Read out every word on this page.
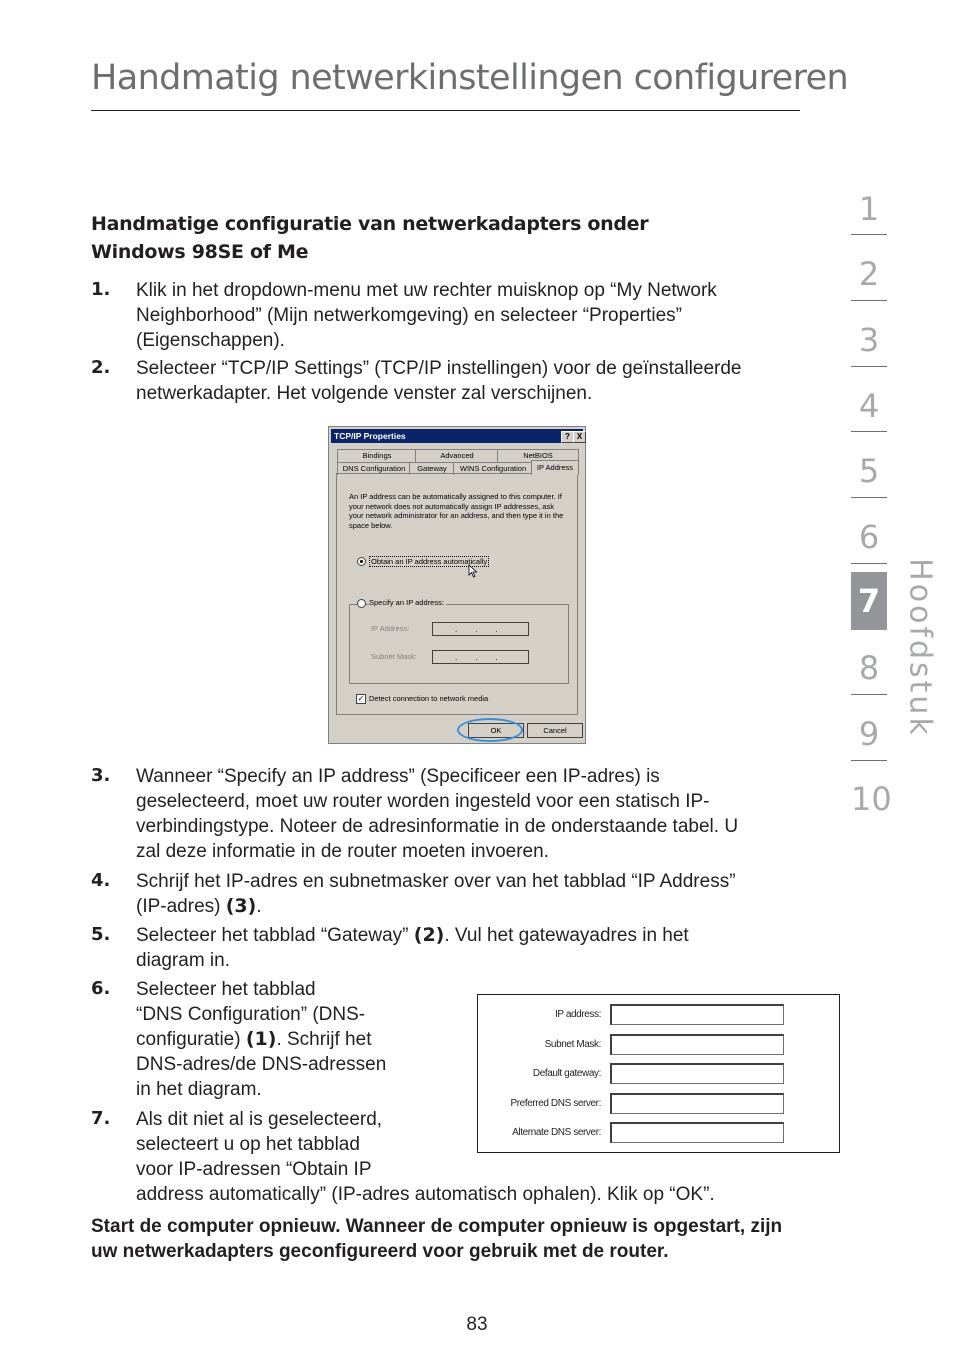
Handmatig netwerkinstellingen configureren
Handmatige configuratie van netwerkadapters onder
Windows 98SE of Me
1. Klik in het dropdown-menu met uw rechter muisknop op “My Network
Neighborhood” (Mijn netwerkomgeving) en selecteer “Properties”
(Eigenschappen).
2. Selecteer “TCP/IP Settings” (TCP/IP instellingen) voor de geïnstalleerde
netwerkadapter. Het volgende venster zal verschijnen.
TCP/IP Properties	? X
Bindings	Advanced	NetBIOS
DNS Configuration	Gateway	WINS Configuration	IP Address
An IP address can be automatically assigned to this computer. If your network does not automatically assign IP addresses, ask your network administrator for an address, and then type it in the space below.
Obtain an IP address automatically
Specify an IP address:
IP Address:	...
Subnet Mask:	...
✓ Detect connection to network media
OK	Cancel
3. Wanneer “Specify an IP address” (Specificeer een IP-adres) is
geselecteerd, moet uw router worden ingesteld voor een statisch IP-
verbindingstype. Noteer de adresinformatie in de onderstaande tabel. U
zal deze informatie in de router moeten invoeren.
4. Schrijf het IP-adres en subnetmasker over van het tabblad “IP Address”
(IP-adres) (3).
5. Selecteer het tabblad “Gateway” (2). Vul het gatewayadres in het
diagram in.
6. Selecteer het tabblad
“DNS Configuration” (DNS-
configuratie) (1). Schrijf het
DNS-adres/de DNS-adressen
in het diagram.
7. Als dit niet al is geselecteerd,
selecteert u op het tabblad
voor IP-adressen “Obtain IP
address automatically” (IP-adres automatisch ophalen). Klik op “OK”.
IP address:
Subnet Mask:
Default gateway:
Preferred DNS server:
Alternate DNS server:
Start de computer opnieuw. Wanneer de computer opnieuw is opgestart, zijn
uw netwerkadapters geconfigureerd voor gebruik met de router.
83
1
2
3
4
5
6
7
8
9
10
Hoofdstuk
